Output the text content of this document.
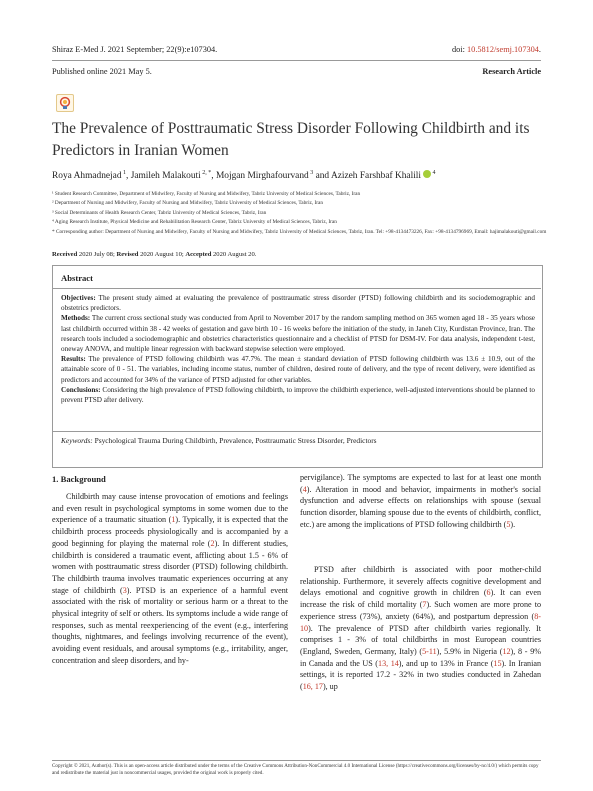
Shiraz E-Med J. 2021 September; 22(9):e107304.	doi: 10.5812/semj.107304.
Published online 2021 May 5.	Research Article
The Prevalence of Posttraumatic Stress Disorder Following Childbirth and its Predictors in Iranian Women
Roya Ahmadnejad $^1$, Jamileh Malakouti $^{2, *}$, Mojgan Mirghafourvand $^3$ and Azizeh Farshbaf Khalili $^4$
¹ Student Research Committee, Department of Midwifery, Faculty of Nursing and Midwifery, Tabriz University of Medical Sciences, Tabriz, Iran
² Department of Nursing and Midwifery, Faculty of Nursing and Midwifery, Tabriz University of Medical Sciences, Tabriz, Iran
³ Social Determinants of Health Research Center, Tabriz University of Medical Sciences, Tabriz, Iran
⁴ Aging Research Institute, Physical Medicine and Rehabilitation Research Center, Tabriz University of Medical Sciences, Tabriz, Iran
* Corresponding author: Department of Nursing and Midwifery, Faculty of Nursing and Midwifery, Tabriz University of Medical Sciences, Tabriz, Iran. Tel: +98-4134473226, Fax: +98-4134796969, Email: hajimalakouti@gmail.com
Received 2020 July 08; Revised 2020 August 10; Accepted 2020 August 20.
Abstract
Objectives: The present study aimed at evaluating the prevalence of posttraumatic stress disorder (PTSD) following childbirth and its sociodemographic and obstetrics predictors.
Methods: The current cross sectional study was conducted from April to November 2017 by the random sampling method on 365 women aged 18 - 35 years whose last childbirth occurred within 38 - 42 weeks of gestation and gave birth 10 - 16 weeks before the initiation of the study, in Janeh City, Kurdistan Province, Iran. The research tools included a sociodemographic and obstetrics characteristics questionnaire and a checklist of PTSD for DSM-IV. For data analysis, independent t-test, oneway ANOVA, and multiple linear regression with backward stepwise selection were employed.
Results: The prevalence of PTSD following childbirth was 47.7%. The mean ± standard deviation of PTSD following childbirth was 13.6 ± 10.9, out of the attainable score of 0 - 51. The variables, including income status, number of children, desired route of delivery, and the type of recent delivery, were identified as predictors and accounted for 34% of the variance of PTSD adjusted for other variables.
Conclusions: Considering the high prevalence of PTSD following childbirth, to improve the childbirth experience, well-adjusted interventions should be planned to prevent PTSD after delivery.
Keywords: Psychological Trauma During Childbirth, Prevalence, Posttraumatic Stress Disorder, Predictors
1. Background
Childbirth may cause intense provocation of emotions and feelings and even result in psychological symptoms in some women due to the experience of a traumatic situation (1). Typically, it is expected that the childbirth process proceeds physiologically and is accompanied by a good beginning for playing the maternal role (2). In different studies, childbirth is considered a traumatic event, afflicting about 1.5 - 6% of women with posttraumatic stress disorder (PTSD) following childbirth. The childbirth trauma involves traumatic experiences occurring at any stage of childbirth (3). PTSD is an experience of a harmful event associated with the risk of mortality or serious harm or a threat to the physical integrity of self or others. Its symptoms include a wide range of responses, such as mental reexperiencing of the event (e.g., interfering thoughts, nightmares, and feelings involving recurrence of the event), avoiding event residuals, and arousal symptoms (e.g., irritability, anger, concentration and sleep disorders, and hy-
pervigilance). The symptoms are expected to last for at least one month (4). Alteration in mood and behavior, impairments in mother's social dysfunction and adverse effects on relationships with spouse (sexual function disorder, blaming spouse due to the events of childbirth, conflict, etc.) are among the implications of PTSD following childbirth (5).
PTSD after childbirth is associated with poor mother-child relationship. Furthermore, it severely affects cognitive development and delays emotional and cognitive growth in children (6). It can even increase the risk of child mortality (7). Such women are more prone to experience stress (73%), anxiety (64%), and postpartum depression (8-10). The prevalence of PTSD after childbirth varies regionally. It comprises 1 - 3% of total childbirths in most European countries (England, Sweden, Germany, Italy) (5-11), 5.9% in Nigeria (12), 8 - 9% in Canada and the US (13, 14), and up to 13% in France (15). In Iranian settings, it is reported 17.2 - 32% in two studies conducted in Zahedan (16, 17), up
Copyright © 2021, Author(s). This is an open-access article distributed under the terms of the Creative Commons Attribution-NonCommercial 4.0 International License (https://creativecommons.org/licenses/by-nc/4.0/) which permits copy and redistribute the material just in noncommercial usages, provided the original work is properly cited.
